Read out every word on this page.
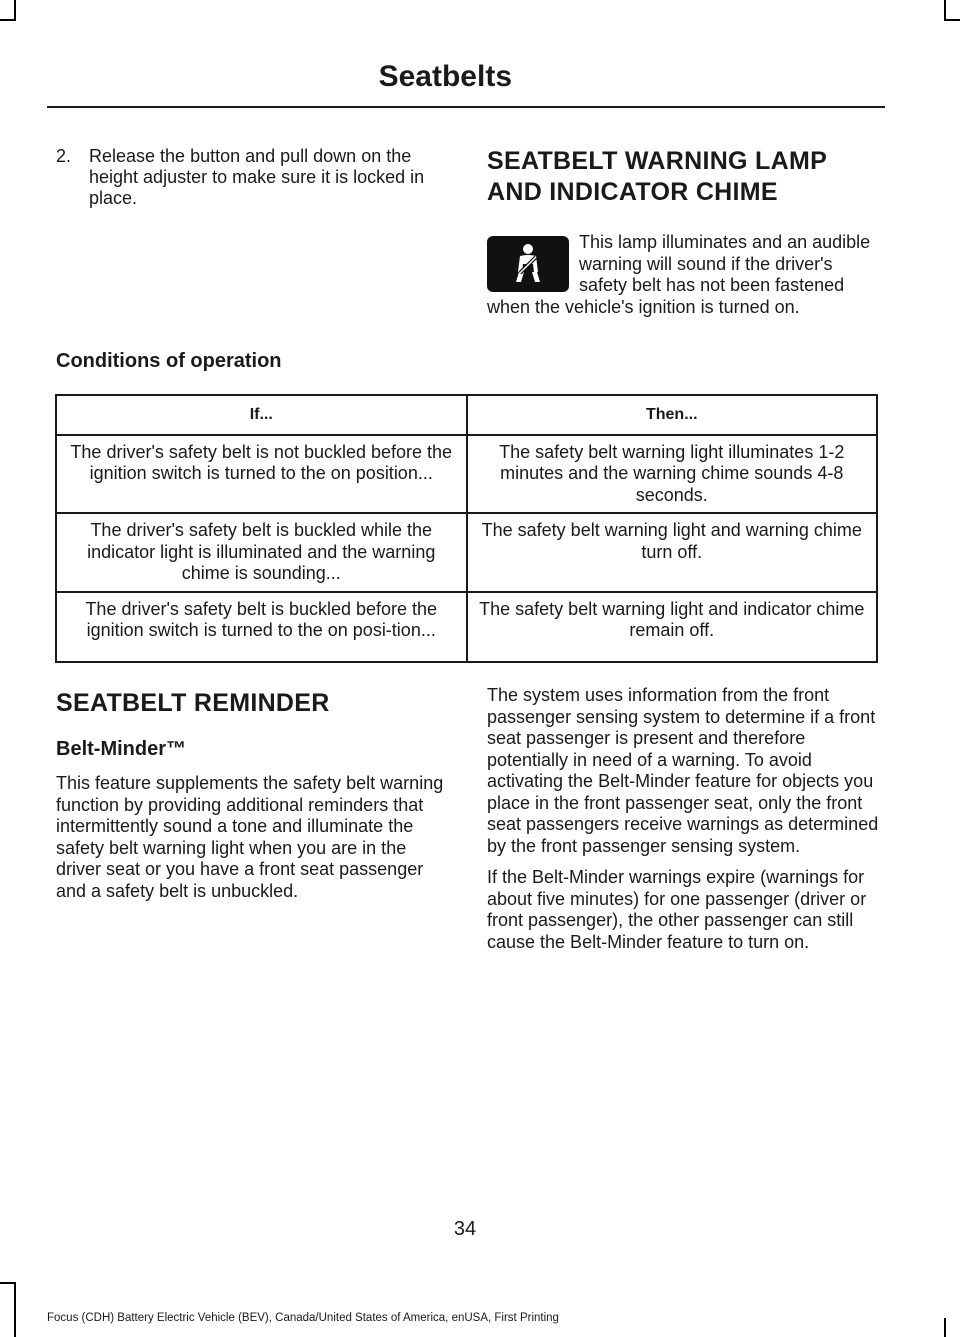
Seatbelts
2. Release the button and pull down on the height adjuster to make sure it is locked in place.
SEATBELT WARNING LAMP AND INDICATOR CHIME
This lamp illuminates and an audible warning will sound if the driver's safety belt has not been fastened when the vehicle's ignition is turned on.
Conditions of operation
If...	Then...
The driver's safety belt is not buckled before the ignition switch is turned to the on position...	The safety belt warning light illuminates 1-2 minutes and the warning chime sounds 4-8 seconds.
The driver's safety belt is buckled while the indicator light is illuminated and the warning chime is sounding...	The safety belt warning light and warning chime turn off.
The driver's safety belt is buckled before the ignition switch is turned to the on posi-tion...	The safety belt warning light and indicator chime remain off.
SEATBELT REMINDER
Belt-Minder™

This feature supplements the safety belt warning function by providing additional reminders that intermittently sound a tone and illuminate the safety belt warning light when you are in the driver seat or you have a front seat passenger and a safety belt is unbuckled.

The system uses information from the front passenger sensing system to determine if a front seat passenger is present and therefore potentially in need of a warning. To avoid activating the Belt-Minder feature for objects you place in the front passenger seat, only the front seat passengers receive warnings as determined by the front passenger sensing system.

If the Belt-Minder warnings expire (warnings for about five minutes) for one passenger (driver or front passenger), the other passenger can still cause the Belt-Minder feature to turn on.

34
Focus (CDH) Battery Electric Vehicle (BEV), Canada/United States of America, enUSA, First Printing
